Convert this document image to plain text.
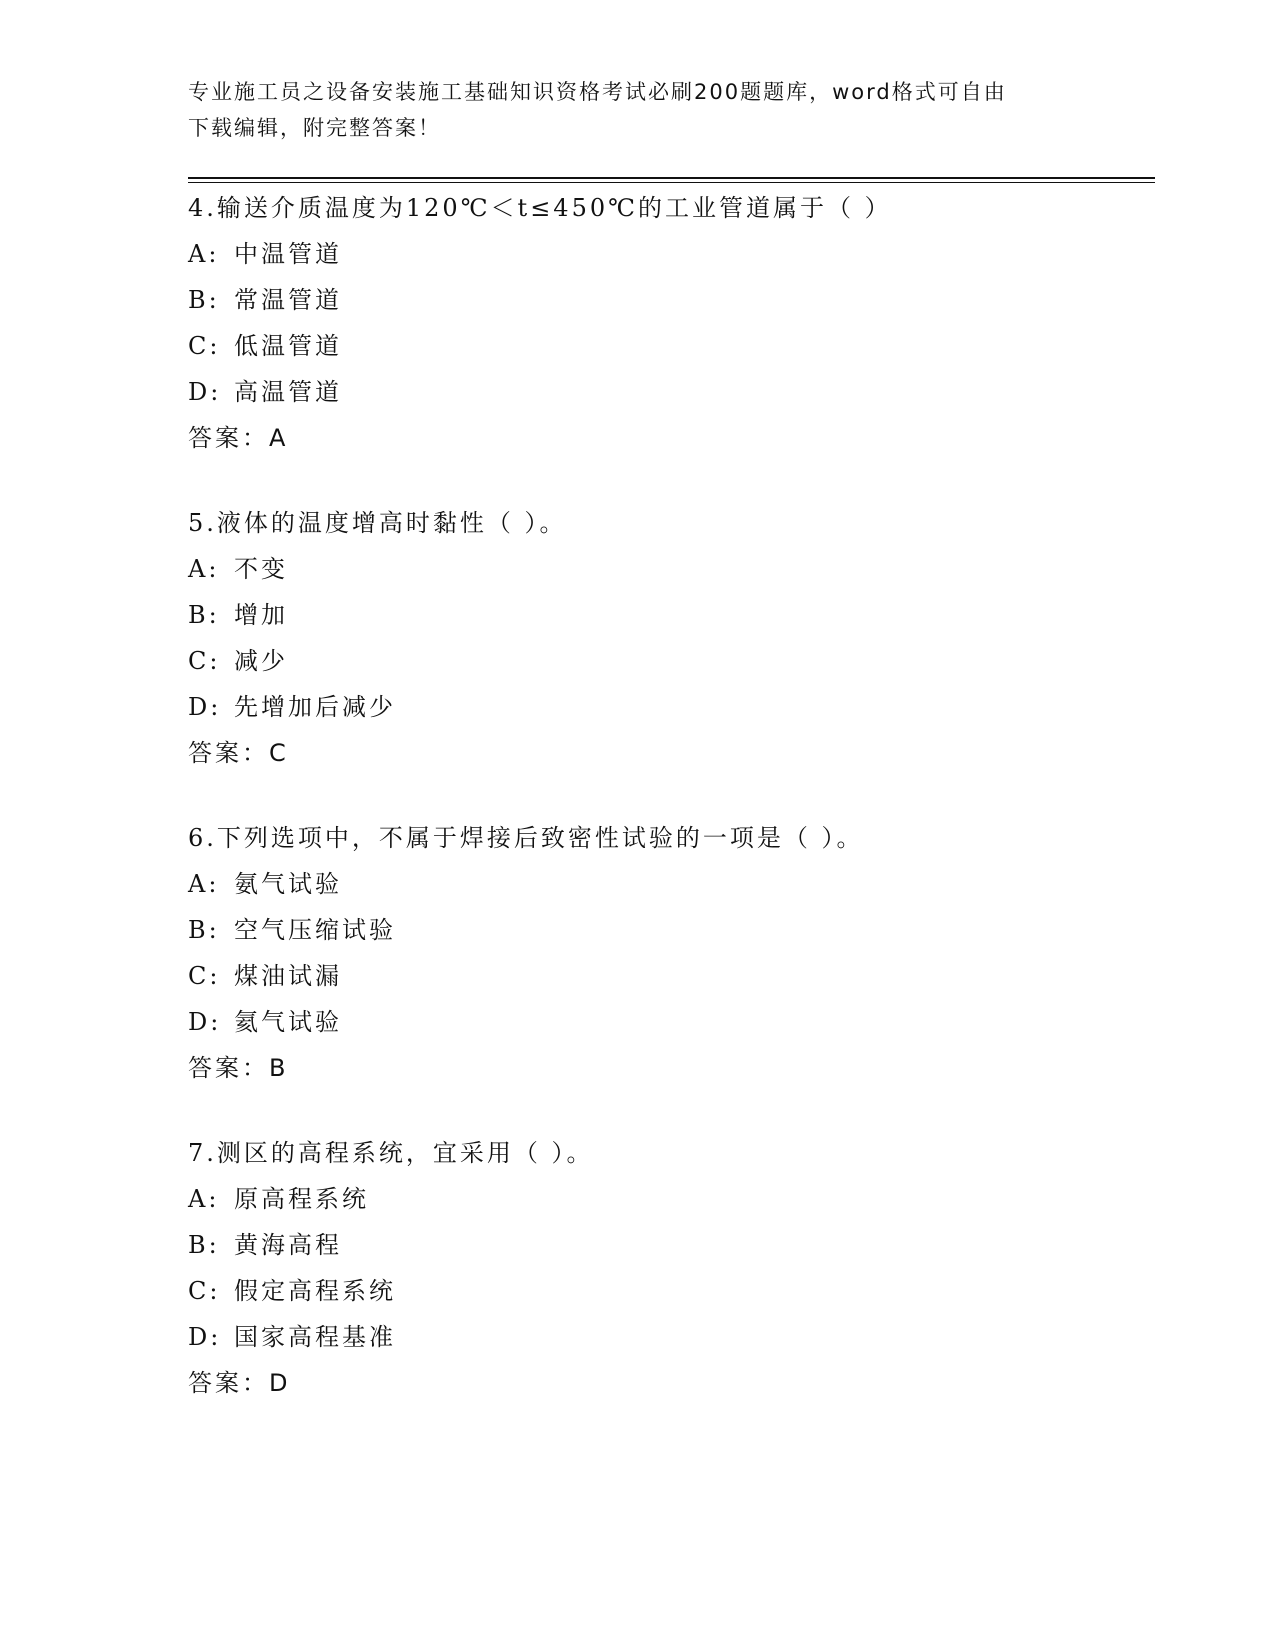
专业施工员之设备安装施工基础知识资格考试必刷200题题库，word格式可自由
下载编辑，附完整答案！
4.输送介质温度为120℃＜t≤450℃的工业管道属于（ ）
A: 中温管道
B: 常温管道
C: 低温管道
D: 高温管道
答案：A
5.液体的温度增高时黏性（ ）。
A: 不变
B: 增加
C: 减少
D: 先增加后减少
答案：C
6.下列选项中，不属于焊接后致密性试验的一项是（ ）。
A: 氨气试验
B: 空气压缩试验
C: 煤油试漏
D: 氦气试验
答案：B
7.测区的高程系统，宜采用（ ）。
A: 原高程系统
B: 黄海高程
C: 假定高程系统
D: 国家高程基准
答案：D
